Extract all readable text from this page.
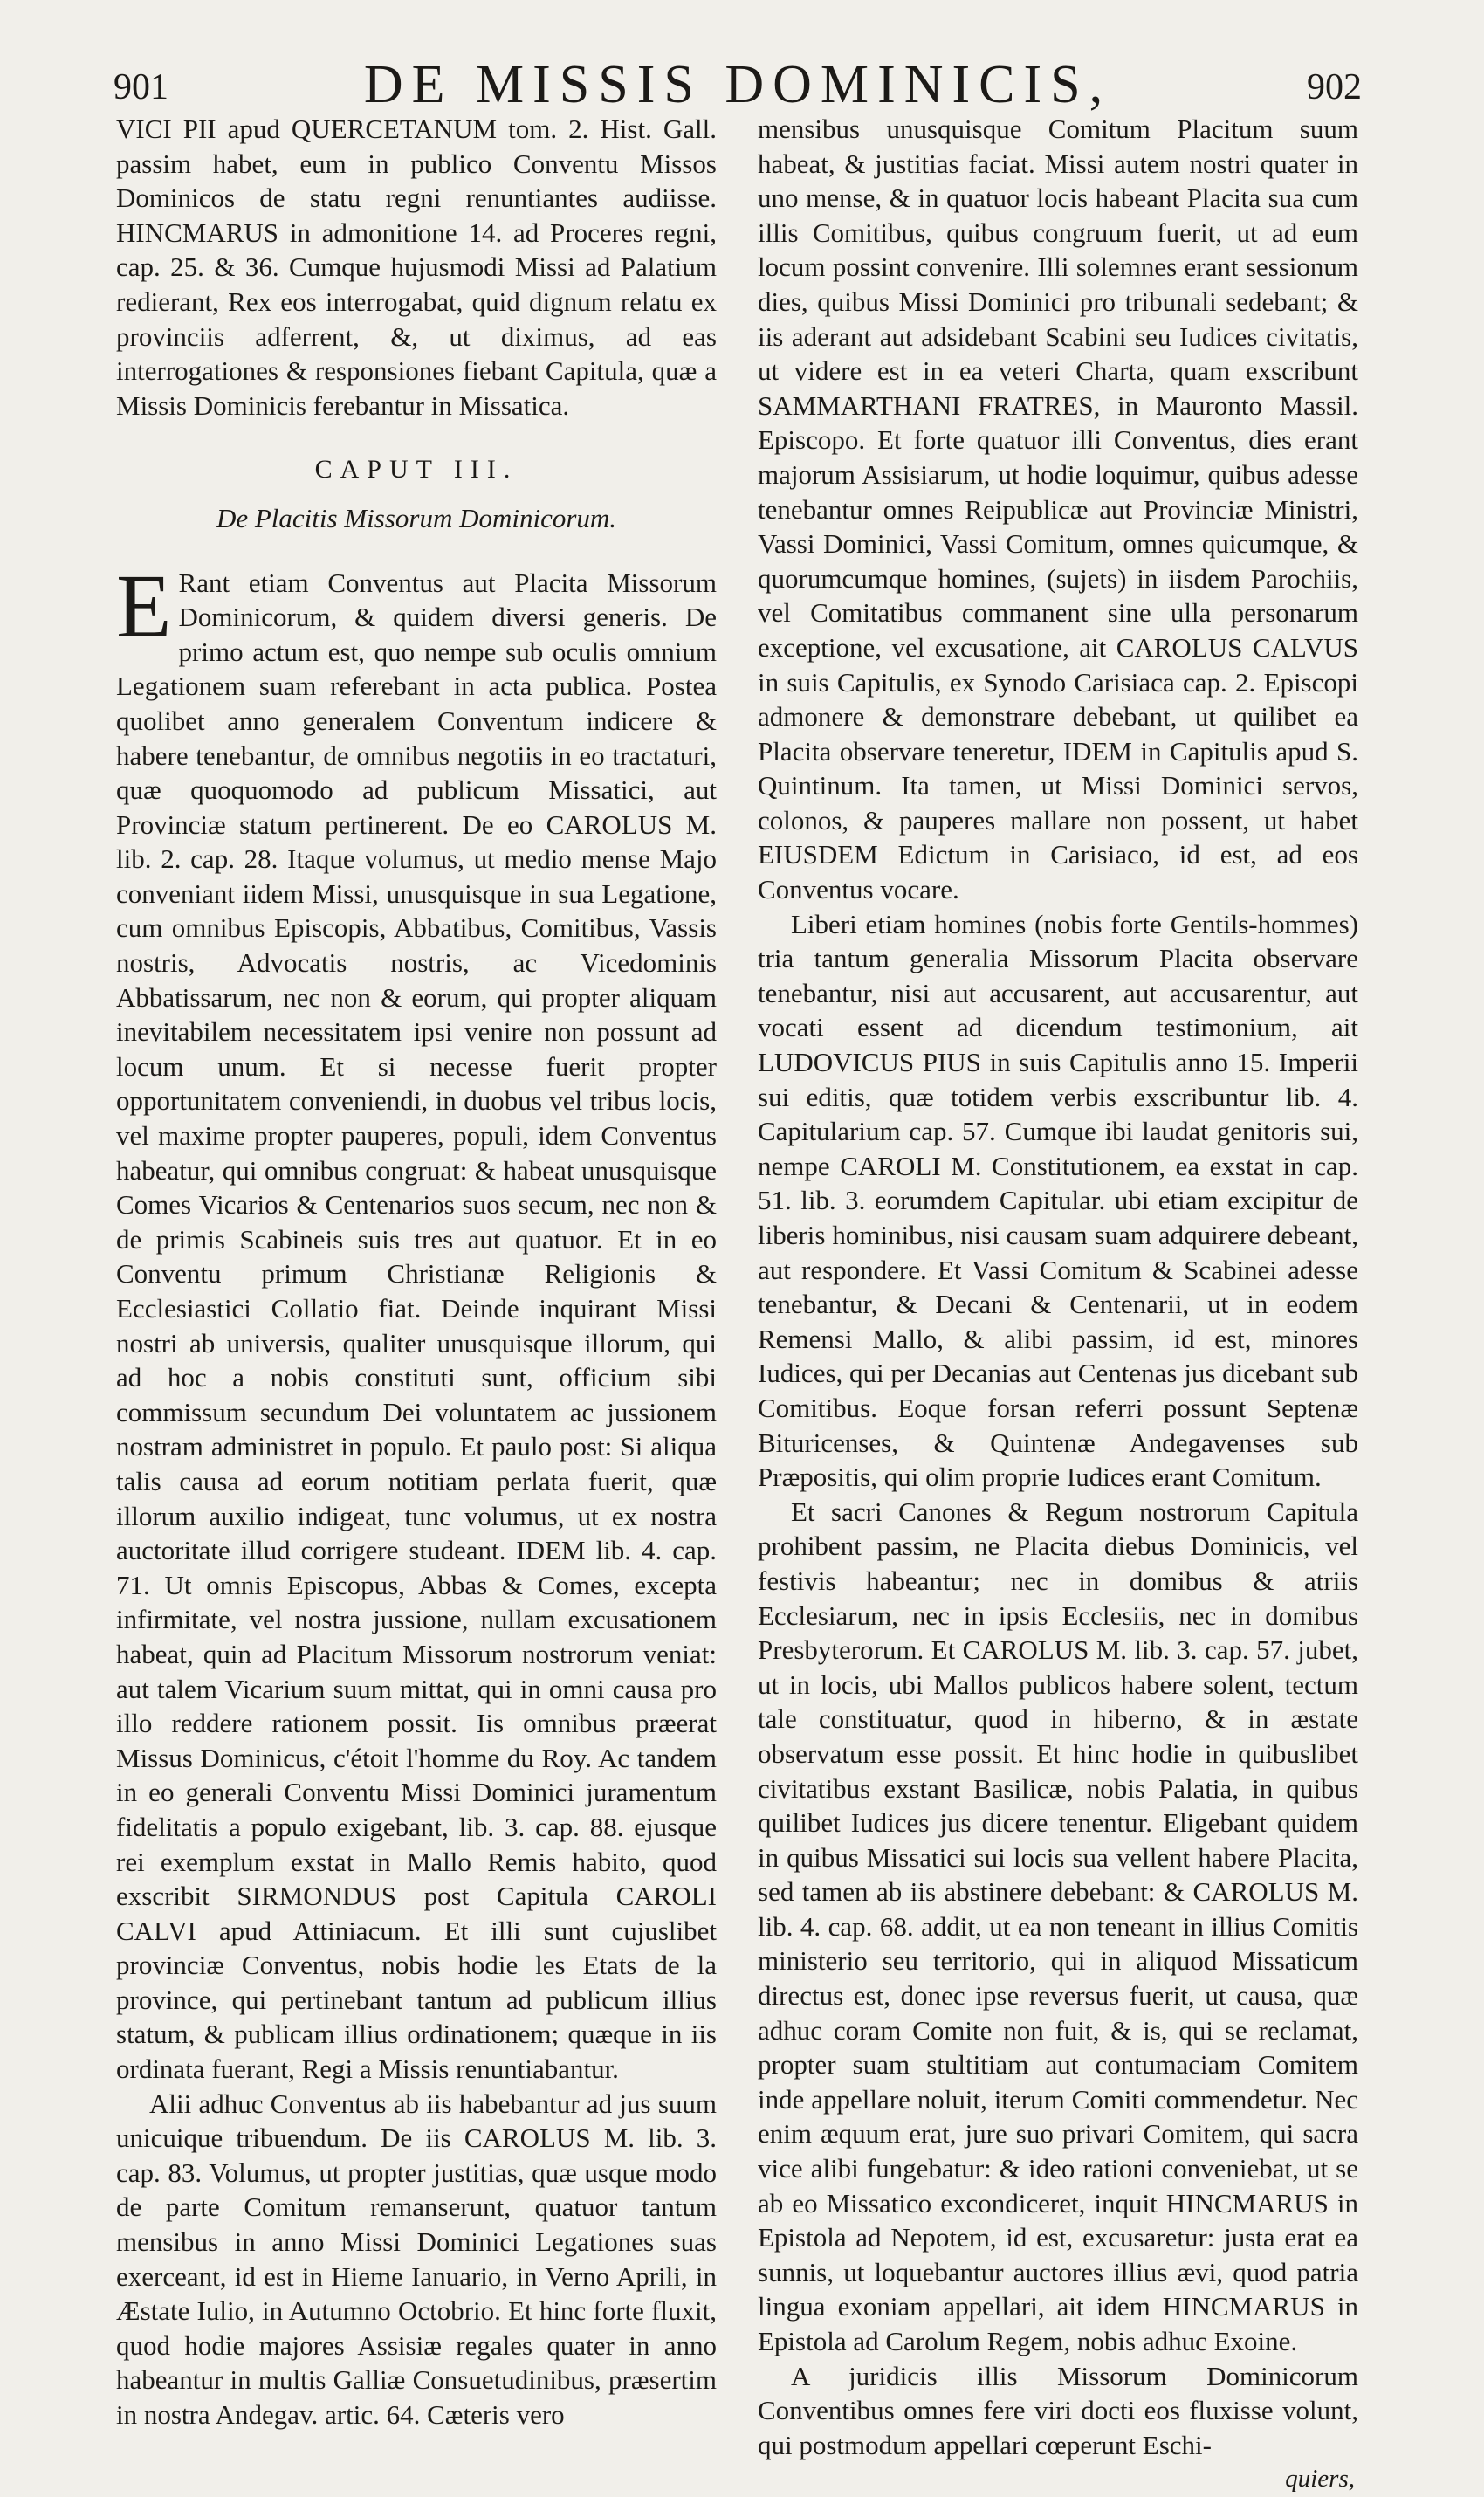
901	DE MISSIS DOMINICIS,	902

VICI PII apud QUERCETANUM tom. 2. Hist. Gall. passim habet, eum in publico Conventu Missos Dominicos de statu regni renuntiantes audiisse. HINCMARUS in admonitione 14. ad Proceres regni, cap. 25. & 36. Cumque hujusmodi Missi ad Palatium redierant, Rex eos interrogabat, quid dignum relatu ex provinciis adferrent, &, ut diximus, ad eas interrogationes & responsiones fiebant Capitula, quæ a Missis Dominicis ferebantur in Missatica.

CAPUT III.
De Placitis Missorum Dominicorum.

E Rant etiam Conventus aut Placita Missorum Dominicorum, & quidem diversi generis. De primo actum est, quo nempe sub oculis omnium Legationem suam referebant in acta publica. Postea quolibet anno generalem Conventum indicere & habere tenebantur, de omnibus negotiis in eo tractaturi, quæ quoquomodo ad publicum Missatici, aut Provinciæ statum pertinerent. De eo CAROLUS M. lib. 2. cap. 28. Itaque volumus, ut medio mense Majo conveniant iidem Missi, unusquisque in sua Legatione, cum omnibus Episcopis, Abbatibus, Comitibus, Vassis nostris, Advocatis nostris, ac Vicedominis Abbatissarum, nec non & eorum, qui propter aliquam inevitabilem necessitatem ipsi venire non possunt ad locum unum. Et si necesse fuerit propter opportunitatem conveniendi, in duobus vel tribus locis, vel maxime propter pauperes, populi, idem Conventus habeatur, qui omnibus congruat: & habeat unusquisque Comes Vicarios & Centenarios suos secum, nec non & de primis Scabineis suis tres aut quatuor. Et in eo Conventu primum Christianæ Religionis & Ecclesiastici Collatio fiat. Deinde inquirant Missi nostri ab universis, qualiter unusquisque illorum, qui ad hoc a nobis constituti sunt, officium sibi commissum secundum Dei voluntatem ac jussionem nostram administret in populo. Et paulo post: Si aliqua talis causa ad eorum notitiam perlata fuerit, quæ illorum auxilio indigeat, tunc volumus, ut ex nostra auctoritate illud corrigere studeant. IDEM lib. 4. cap. 71. Ut omnis Episcopus, Abbas & Comes, excepta infirmitate, vel nostra jussione, nullam excusationem habeat, quin ad Placitum Missorum nostrorum veniat: aut talem Vicarium suum mittat, qui in omni causa pro illo reddere rationem possit. Iis omnibus præerat Missus Dominicus, c'étoit l'homme du Roy. Ac tandem in eo generali Conventu Missi Dominici juramentum fidelitatis a populo exigebant, lib. 3. cap. 88. ejusque rei exemplum exstat in Mallo Remis habito, quod exscribit SIRMONDUS post Capitula CAROLI CALVI apud Attiniacum. Et illi sunt cujuslibet provinciæ Conventus, nobis hodie les Etats de la province, qui pertinebant tantum ad publicum illius statum, & publicam illius ordinationem; quæque in iis ordinata fuerant, Regi a Missis renuntiabantur.

Alii adhuc Conventus ab iis habebantur ad jus suum unicuique tribuendum. De iis CAROLUS M. lib. 3. cap. 83. Volumus, ut propter justitias, quæ usque modo de parte Comitum remanserunt, quatuor tantum mensibus in anno Missi Dominici Legationes suas exerceant, id est in Hieme Ianuario, in Verno Aprili, in Æstate Iulio, in Autumno Octobrio. Et hinc forte fluxit, quod hodie majores Assisiæ regales quater in anno habeantur in multis Galliæ Consuetudinibus, præsertim in nostra Andegav. artic. 64. Cæteris vero

mensibus unusquisque Comitum Placitum suum habeat, & justitias faciat. Missi autem nostri quater in uno mense, & in quatuor locis habeant Placita sua cum illis Comitibus, quibus congruum fuerit, ut ad eum locum possint convenire. Illi solemnes erant sessionum dies, quibus Missi Dominici pro tribunali sedebant; & iis aderant aut adsidebant Scabini seu Iudices civitatis, ut videre est in ea veteri Charta, quam exscribunt SAMMARTHANI FRATRES, in Mauronto Massil. Episcopo. Et forte quatuor illi Conventus, dies erant majorum Assisiarum, ut hodie loquimur, quibus adesse tenebantur omnes Reipublicæ aut Provinciæ Ministri, Vassi Dominici, Vassi Comitum, omnes quicumque, & quorumcumque homines, (sujets) in iisdem Parochiis, vel Comitatibus commanent sine ulla personarum exceptione, vel excusatione, ait CAROLUS CALVUS in suis Capitulis, ex Synodo Carisiaca cap. 2. Episcopi admonere & demonstrare debebant, ut quilibet ea Placita observare teneretur, IDEM in Capitulis apud S. Quintinum. Ita tamen, ut Missi Dominici servos, colonos, & pauperes mallare non possent, ut habet EIUSDEM Edictum in Carisiaco, id est, ad eos Conventus vocare.

Liberi etiam homines (nobis forte Gentils-hommes) tria tantum generalia Missorum Placita observare tenebantur, nisi aut accusarent, aut accusarentur, aut vocati essent ad dicendum testimonium, ait LUDOVICUS PIUS in suis Capitulis anno 15. Imperii sui editis, quæ totidem verbis exscribuntur lib. 4. Capitularium cap. 57. Cumque ibi laudat genitoris sui, nempe CAROLI M. Constitutionem, ea exstat in cap. 51. lib. 3. eorumdem Capitular. ubi etiam excipitur de liberis hominibus, nisi causam suam adquirere debeant, aut respondere. Et Vassi Comitum & Scabinei adesse tenebantur, & Decani & Centenarii, ut in eodem Remensi Mallo, & alibi passim, id est, minores Iudices, qui per Decanias aut Centenas jus dicebant sub Comitibus. Eoque forsan referri possunt Septenæ Bituricenses, & Quintenæ Andegavenses sub Præpositis, qui olim proprie Iudices erant Comitum.

Et sacri Canones & Regum nostrorum Capitula prohibent passim, ne Placita diebus Dominicis, vel festivis habeantur; nec in domibus & atriis Ecclesiarum, nec in ipsis Ecclesiis, nec in domibus Presbyterorum. Et CAROLUS M. lib. 3. cap. 57. jubet, ut in locis, ubi Mallos publicos habere solent, tectum tale constituatur, quod in hiberno, & in æstate observatum esse possit. Et hinc hodie in quibuslibet civitatibus exstant Basilicæ, nobis Palatia, in quibus quilibet Iudices jus dicere tenentur. Eligebant quidem in quibus Missatici sui locis sua vellent habere Placita, sed tamen ab iis abstinere debebant: & CAROLUS M. lib. 4. cap. 68. addit, ut ea non teneant in illius Comitis ministerio seu territorio, qui in aliquod Missaticum directus est, donec ipse reversus fuerit, ut causa, quæ adhuc coram Comite non fuit, & is, qui se reclamat, propter suam stultitiam aut contumaciam Comitem inde appellare noluit, iterum Comiti commendetur. Nec enim æquum erat, jure suo privari Comitem, qui sacra vice alibi fungebatur: & ideo rationi conveniebat, ut se ab eo Missatico excondiceret, inquit HINCMARUS in Epistola ad Nepotem, id est, excusaretur: justa erat ea sunnis, ut loquebantur auctores illius ævi, quod patria lingua exoniam appellari, ait idem HINCMARUS in Epistola ad Carolum Regem, nobis adhuc Exoine.

A juridicis illis Missorum Dominicorum Conventibus omnes fere viri docti eos fluxisse volunt, qui postmodum appellari cœperunt Eschi-

quiers,
